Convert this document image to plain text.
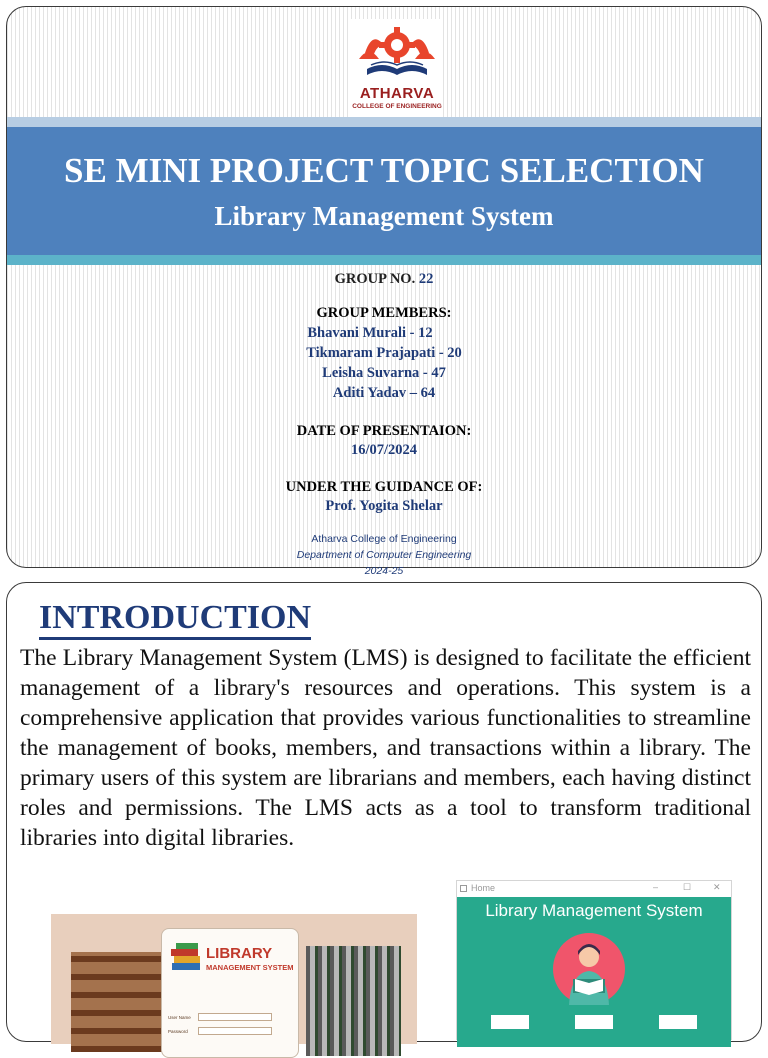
ATHARVA
COLLEGE OF ENGINEERING
SE MINI PROJECT TOPIC SELECTION
Library Management System
GROUP NO. 22
GROUP MEMBERS:
Bhavani Murali - 12
Tikmaram Prajapati - 20
Leisha Suvarna - 47
Aditi Yadav – 64
DATE OF PRESENTAION:
16/07/2024
UNDER THE GUIDANCE OF:
Prof. Yogita Shelar
Atharva College of Engineering
Department of Computer Engineering
2024-25
INTRODUCTION
The Library Management System (LMS) is designed to facilitate the efficient management of a library's resources and operations. This system is a comprehensive application that provides various functionalities to streamline the management of books, members, and transactions within a library. The primary users of this system are librarians and members, each having distinct roles and permissions. The LMS acts as a tool to transform traditional libraries into digital libraries.
LIBRARY
MANAGEMENT SYSTEM
User Name
Password
Home	–	☐ ✕
Library Management System
